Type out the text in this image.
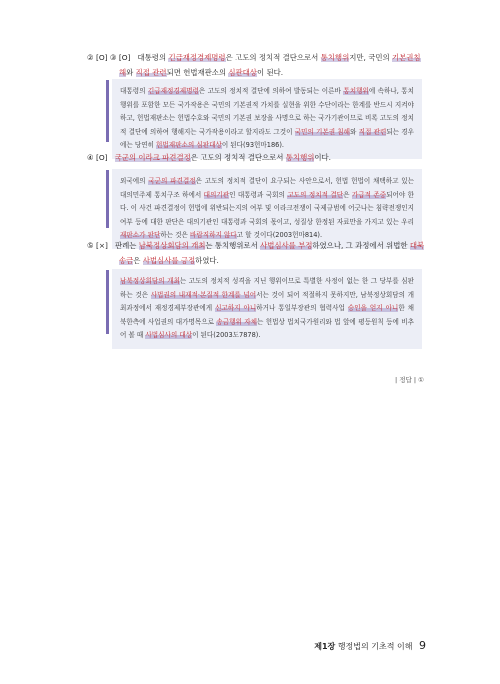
② [O] ③ [O] 대통령의 긴급재정경제명령은 고도의 정치적 결단으로서 통치행위지만, 국민의 기본권침해와 직접 관련되면 헌법재판소의 심판대상이 된다.
대통령의 긴급재정경제명령은 고도의 정치적 결단에 의하여 발동되는 이른바 통치행위에 속하나, 통치행위를 포함한 모든 국가작용은 국민의 기본권적 가치를 실현을 위한 수단이라는 한계를 반드시 지켜야 하고, 헌법재판소는 헌법수호와 국민의 기본권 보장을 사명으로 하는 국가기관이므로 비록 고도의 정치적 결단에 의하여 행해지는 국가작용이라고 할지라도 그것이 국민의 기본권 침해와 직접 관련되는 경우에는 당연히 헌법재판소의 심판대상이 된다(93헌마186).
④ [O] 국군의 이라크 파견결정은 고도의 정치적 결단으로서 통치행위이다.
외국에의 국군의 파견결정은 고도의 정치적 결단이 요구되는 사안으로서, 헌법 헌법이 채택하고 있는 대의민주제 통치구조 하에서 대의기관인 대통령과 국회의 고도의 정치적 결단은 가급적 존중되어야 한다. 이 사건 파견결정이 헌법에 위반되는지의 여부 및 이라크전쟁이 국제규범에 어긋나는 침략전쟁인지 여부 등에 대한 판단은 대의기관인 대통령과 국회의 몫이고, 성질상 한정된 자료만을 가지고 있는 우리 재판소가 판단하는 것은 바람직하지 않다고 할 것이다(2003헌마814).
⑤ [×] 판례는 남북정상회담의 개최는 통치행위로서 사법심사를 부정하였으나, 그 과정에서 위법한 대북송금은 사법심사를 긍정하였다.
남북정상회담의 개최는 고도의 정치적 성격을 지닌 행위이므로 특별한 사정이 없는 한 그 당부를 심판하는 것은 사법권의 내재적·본질적 한계를 넘어서는 것이 되어 적절하지 못하지만, 남북정상회담의 개최과정에서 재정경제부장관에게 신고하지 아니하거나 통일부장관의 협력사업 승인을 얻지 아니한 채 북한측에 사업권의 대가명목으로 송금행위 자체는 헌법상 법치국가원리와 법 앞에 평등원칙 등에 비추어 볼 때 사법심사의 대상이 된다(2003도7878).
| 정답 | ①
제1장 행정법의 기초적 이해 9
